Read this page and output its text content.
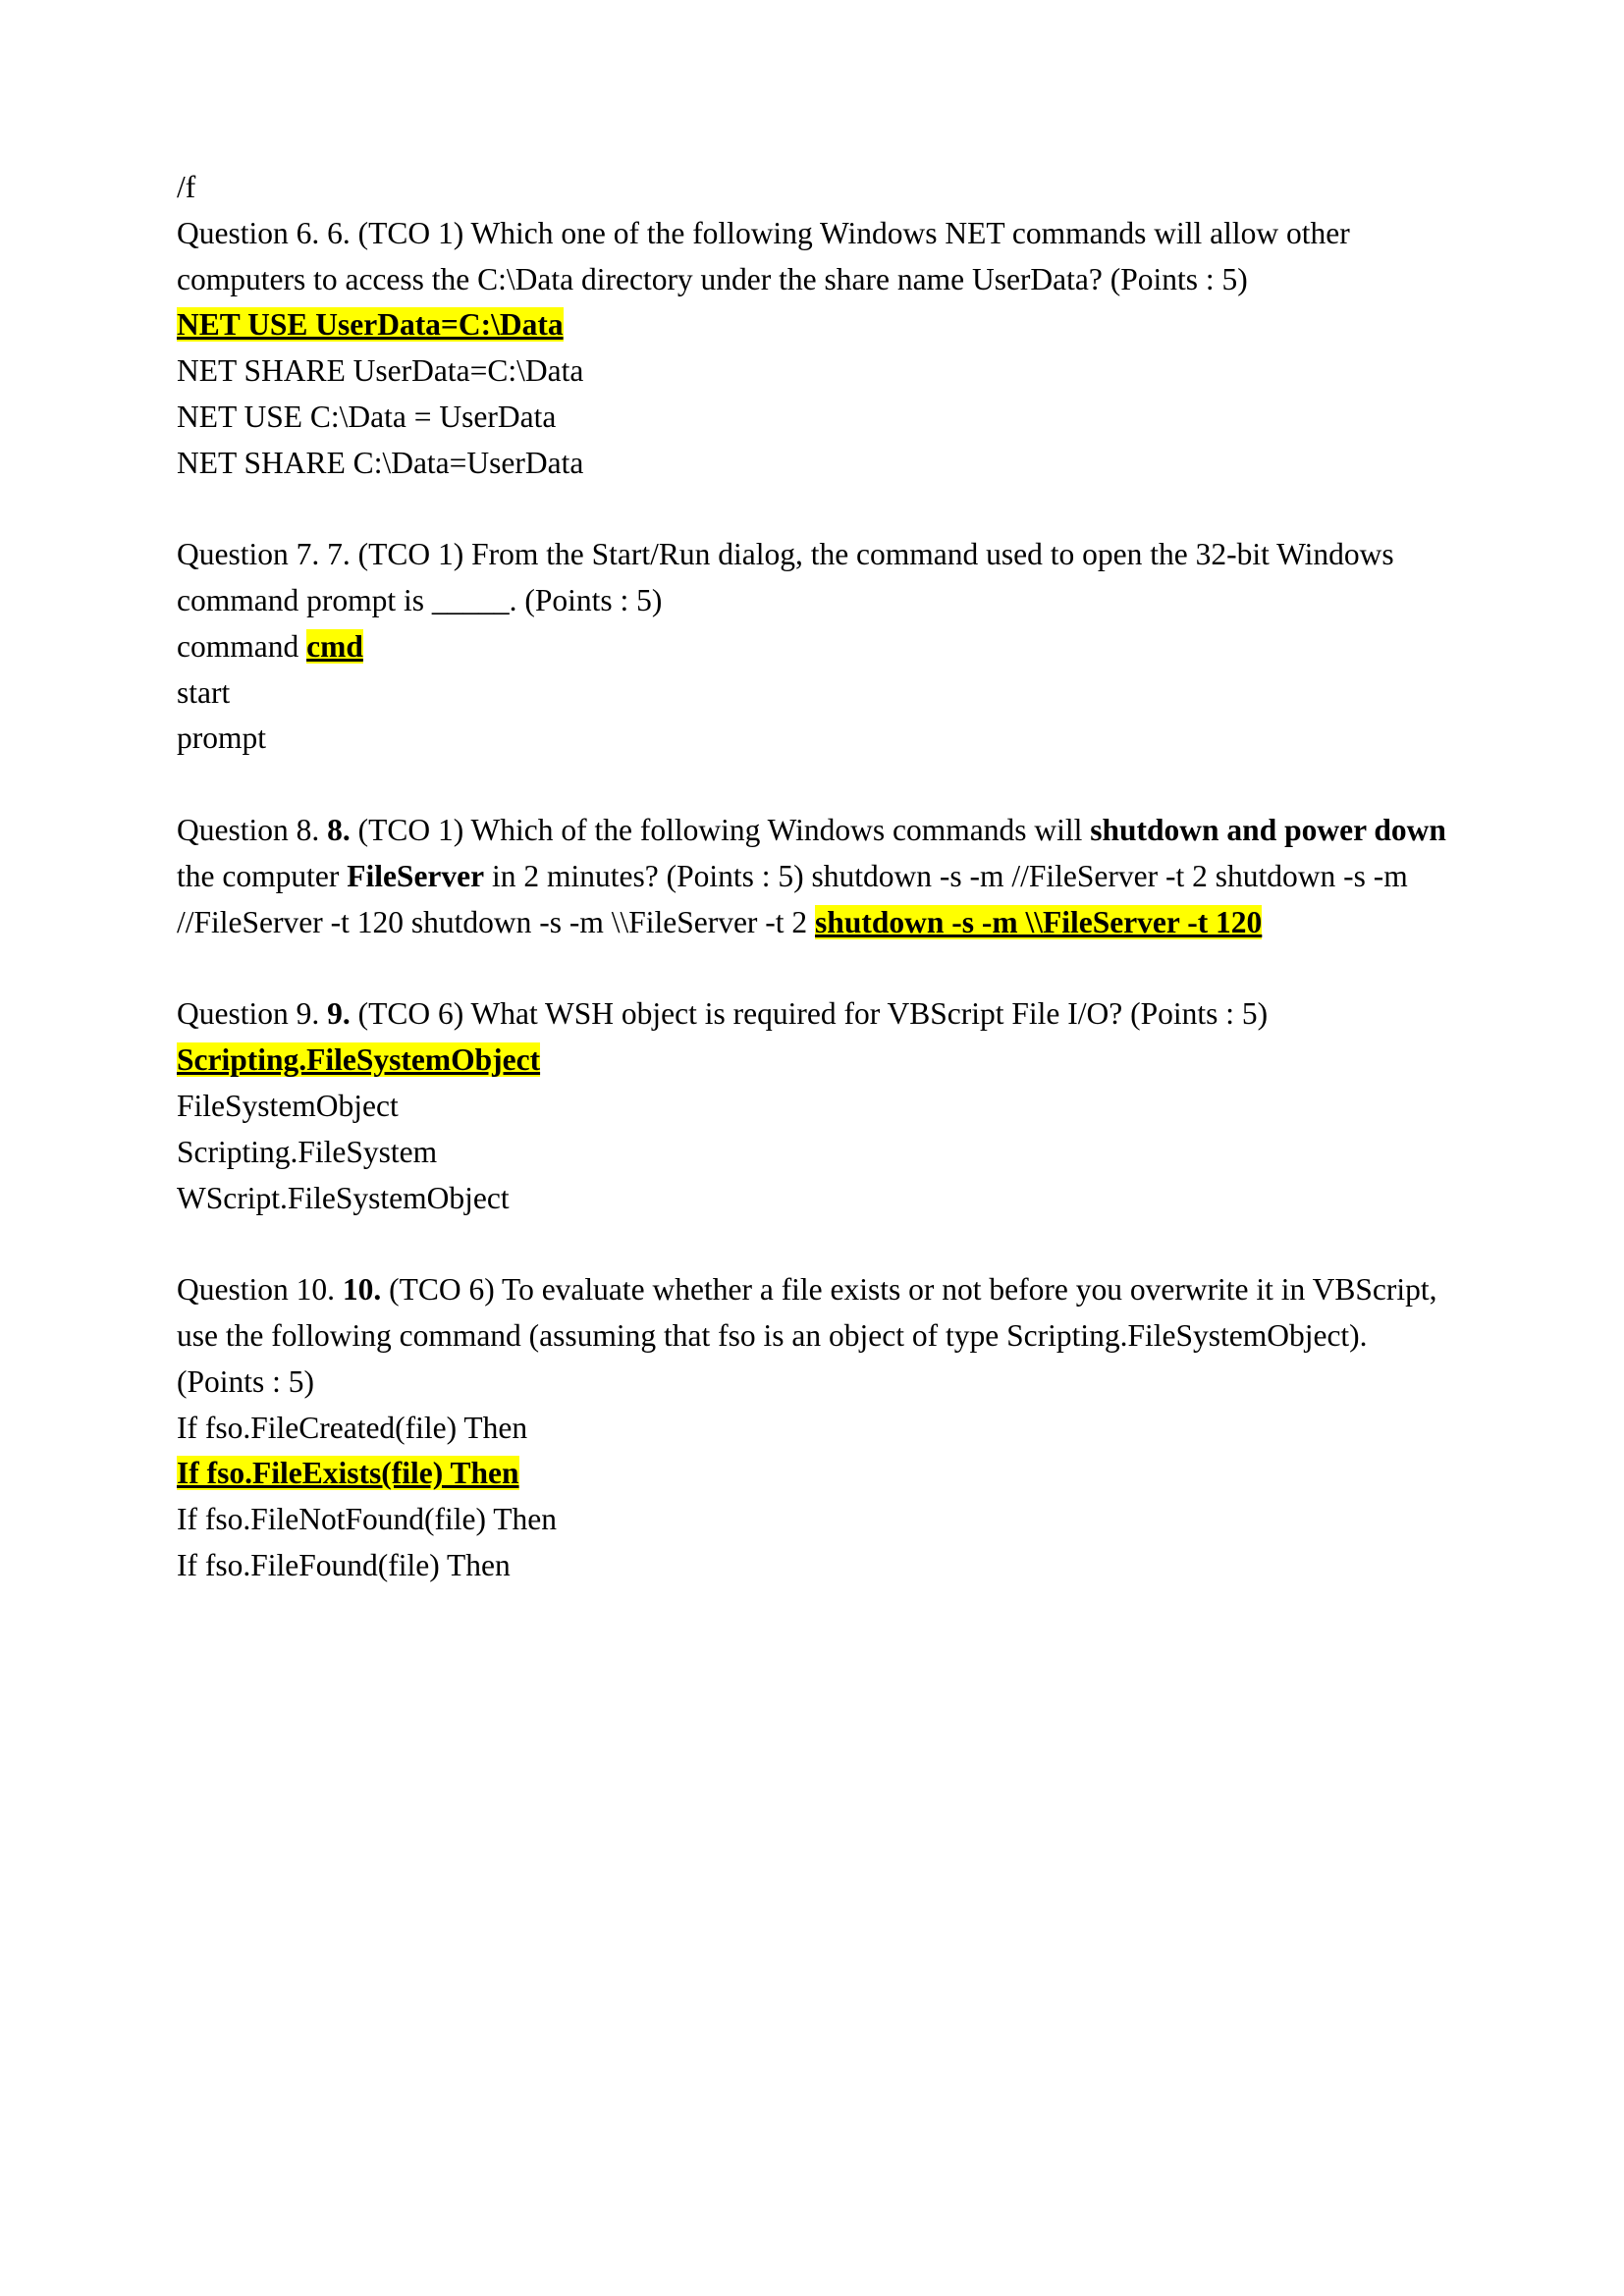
/f
Question 6. 6. (TCO 1) Which one of the following Windows NET commands will allow other computers to access the C:\Data directory under the share name UserData? (Points : 5)
NET USE UserData=C:\Data
NET SHARE UserData=C:\Data
NET USE C:\Data = UserData
NET SHARE C:\Data=UserData
Question 7. 7. (TCO 1) From the Start/Run dialog, the command used to open the 32-bit Windows command prompt is _____. (Points : 5)
command cmd
start
prompt
Question 8. 8. (TCO 1) Which of the following Windows commands will shutdown and power down the computer FileServer in 2 minutes? (Points : 5) shutdown -s -m //FileServer -t 2 shutdown -s -m //FileServer -t 120 shutdown -s -m \\FileServer -t 2 shutdown -s -m \\FileServer -t 120
Question 9. 9. (TCO 6) What WSH object is required for VBScript File I/O? (Points : 5)
Scripting.FileSystemObject
FileSystemObject
Scripting.FileSystem
WScript.FileSystemObject
Question 10. 10. (TCO 6) To evaluate whether a file exists or not before you overwrite it in VBScript, use the following command (assuming that fso is an object of type Scripting.FileSystemObject). (Points : 5)
If fso.FileCreated(file) Then
If fso.FileExists(file) Then
If fso.FileNotFound(file) Then
If fso.FileFound(file) Then
